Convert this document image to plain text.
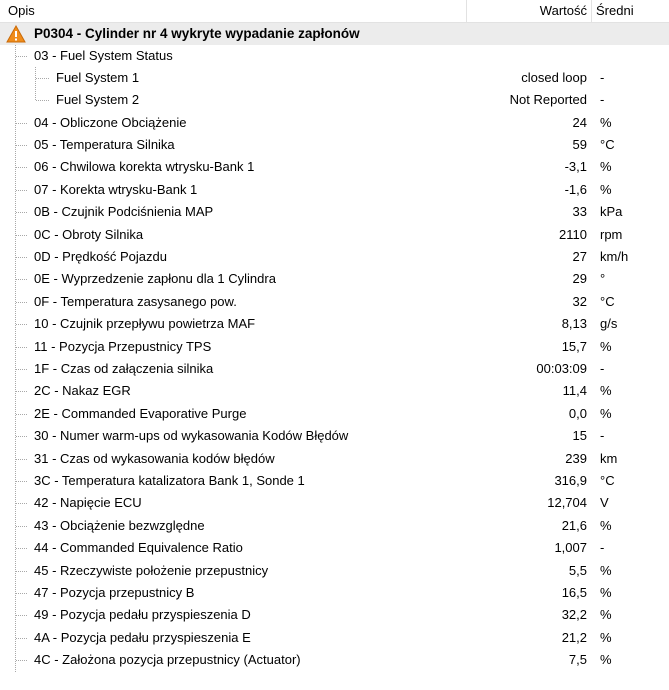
Opis	Wartość Średni
P0304 - Cylinder nr 4 wykryte wypadanie zapłonów
03 - Fuel System Status
Fuel System 1	closed loop -
Fuel System 2	Not Reported -
04 - Obliczone Obciążenie	24 %
05 - Temperatura Silnika	59 °C
06 - Chwilowa korekta wtrysku-Bank 1	-3,1 %
07 - Korekta wtrysku-Bank 1	-1,6 %
0B - Czujnik Podciśnienia MAP	33 kPa
0C - Obroty Silnika	2110 rpm
0D - Prędkość Pojazdu	27 km/h
0E - Wyprzedzenie zapłonu dla 1 Cylindra	29 °
0F - Temperatura zasysanego pow.	32 °C
10 - Czujnik przepływu powietrza MAF	8,13 g/s
11 - Pozycja Przepustnicy TPS	15,7 %
1F - Czas od załączenia silnika	00:03:09 -
2C - Nakaz EGR	11,4 %
2E - Commanded Evaporative Purge	0,0 %
30 - Numer warm-ups od wykasowania Kodów Błędów	15 -
31 - Czas od wykasowania kodów błędów	239 km
3C - Temperatura katalizatora Bank 1, Sonde 1	316,9 °C
42 - Napięcie ECU	12,704 V
43 - Obciążenie bezwzględne	21,6 %
44 - Commanded Equivalence Ratio	1,007 -
45 - Rzeczywiste położenie przepustnicy	5,5 %
47 - Pozycja przepustnicy B	16,5 %
49 - Pozycja pedału przyspieszenia D	32,2 %
4A - Pozycja pedału przyspieszenia E	21,2 %
4C - Założona pozycja przepustnicy (Actuator)	7,5 %
